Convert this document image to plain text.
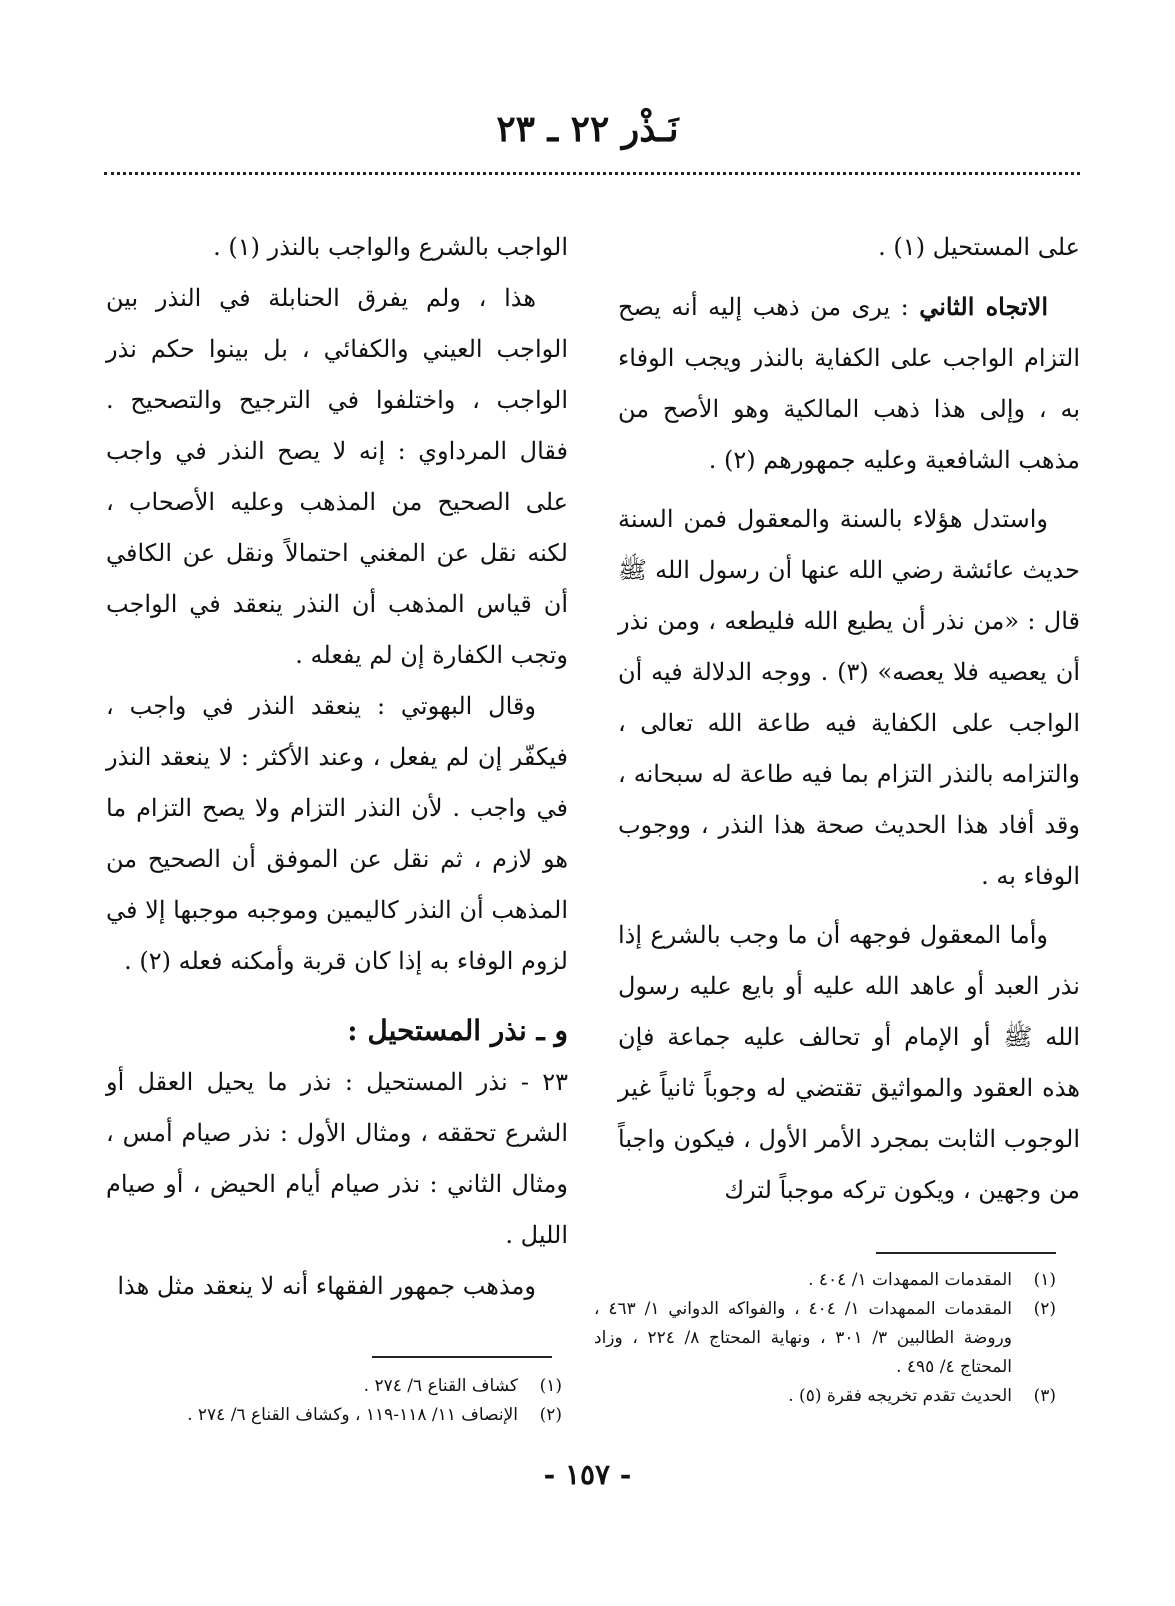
نَـذْر ٢٢ ـ ٢٣

على المستحيل (١) .

الاتجاه الثاني : يرى من ذهب إليه أنه يصح التزام الواجب على الكفاية بالنذر ويجب الوفاء به ، وإلى هذا ذهب المالكية وهو الأصح من مذهب الشافعية وعليه جمهورهم (٢) .

واستدل هؤلاء بالسنة والمعقول فمن السنة حديث عائشة رضي الله عنها أن رسول الله ﷺ قال : «من نذر أن يطيع الله فليطعه ، ومن نذر أن يعصيه فلا يعصه» (٣) . ووجه الدلالة فيه أن الواجب على الكفاية فيه طاعة الله تعالى ، والتزامه بالنذر التزام بما فيه طاعة له سبحانه ، وقد أفاد هذا الحديث صحة هذا النذر ، ووجوب الوفاء به .

وأما المعقول فوجهه أن ما وجب بالشرع إذا نذر العبد أو عاهد الله عليه أو بايع عليه رسول الله ﷺ أو الإمام أو تحالف عليه جماعة فإن هذه العقود والمواثيق تقتضي له وجوباً ثانياً غير الوجوب الثابت بمجرد الأمر الأول ، فيكون واجباً من وجهين ، ويكون تركه موجباً لترك

الواجب بالشرع والواجب بالنذر (١) .

هذا ، ولم يفرق الحنابلة في النذر بين الواجب العيني والكفائي ، بل بينوا حكم نذر الواجب ، واختلفوا في الترجيح والتصحيح . فقال المرداوي : إنه لا يصح النذر في واجب على الصحيح من المذهب وعليه الأصحاب ، لكنه نقل عن المغني احتمالاً ونقل عن الكافي أن قياس المذهب أن النذر ينعقد في الواجب وتجب الكفارة إن لم يفعله .

وقال البهوتي : ينعقد النذر في واجب ، فيكفّر إن لم يفعل ، وعند الأكثر : لا ينعقد النذر في واجب . لأن النذر التزام ولا يصح التزام ما هو لازم ، ثم نقل عن الموفق أن الصحيح من المذهب أن النذر كاليمين وموجبه موجبها إلا في لزوم الوفاء به إذا كان قربة وأمكنه فعله (٢) .

و ـ نذر المستحيل :

٢٣ - نذر المستحيل : نذر ما يحيل العقل أو الشرع تحققه ، ومثال الأول : نذر صيام أمس ، ومثال الثاني : نذر صيام أيام الحيض ، أو صيام الليل .

ومذهب جمهور الفقهاء أنه لا ينعقد مثل هذا	(١)
المقدمات الممهدات ١/ ٤٠٤ .
(٢)
المقدمات الممهدات ١/ ٤٠٤ ، والفواكه الدواني ١/ ٤٦٣ ، وروضة الطالبين ٣/ ٣٠١ ، ونهاية المحتاج ٨/ ٢٢٤ ، وزاد المحتاج ٤/ ٤٩٥ .
(٣)
الحديث تقدم تخريجه فقرة (٥) .
(١)
كشاف القناع ٦/ ٢٧٤ .
(٢)
الإنصاف ١١/ ١١٨-١١٩ ، وكشاف القناع ٦/ ٢٧٤ .
- ١٥٧ -
